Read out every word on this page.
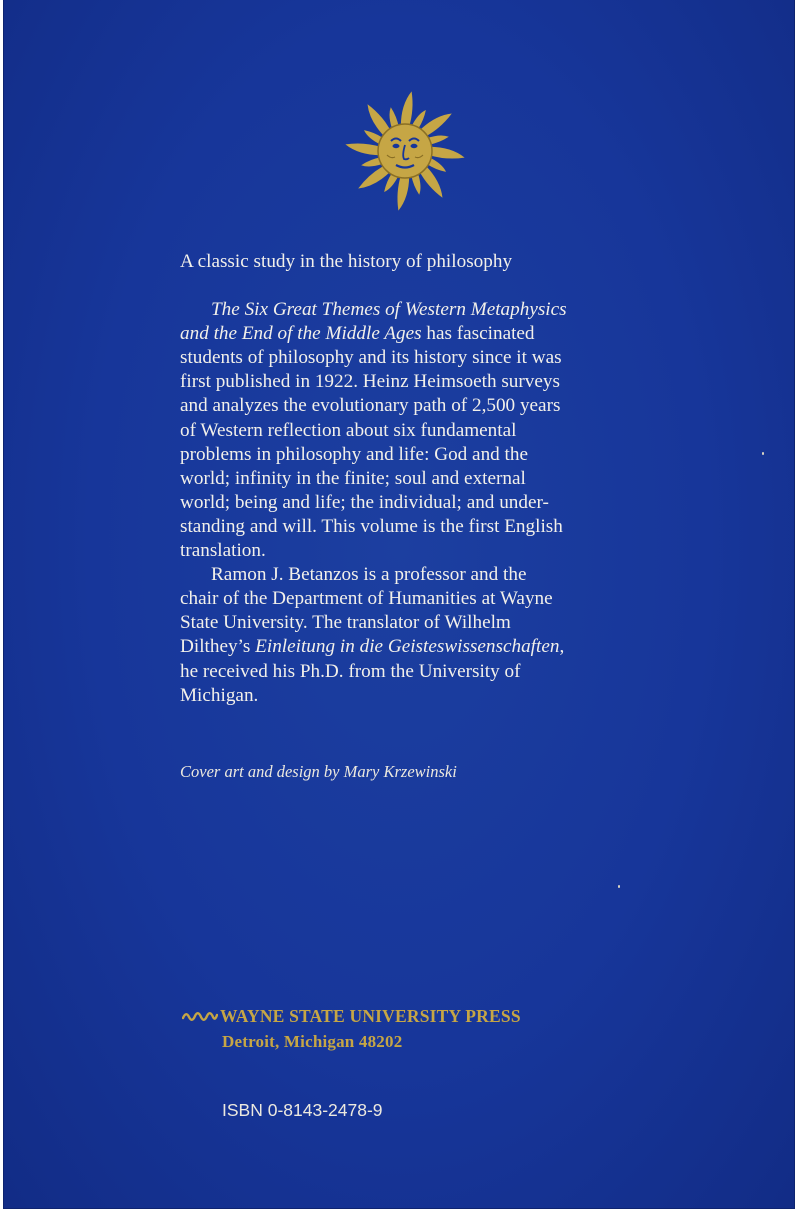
A classic study in the history of philosophy

The Six Great Themes of Western Metaphysics
and the End of the Middle Ages has fascinated
students of philosophy and its history since it was
first published in 1922. Heinz Heimsoeth surveys
and analyzes the evolutionary path of 2,500 years
of Western reflection about six fundamental
problems in philosophy and life: God and the
world; infinity in the finite; soul and external
world; being and life; the individual; and under-
standing and will. This volume is the first English
translation.

Ramon J. Betanzos is a professor and the
chair of the Department of Humanities at Wayne
State University. The translator of Wilhelm
Dilthey’s Einleitung in die Geisteswissenschaften,
he received his Ph.D. from the University of
Michigan.

Cover art and design by Mary Krzewinski
WAYNE STATE UNIVERSITY PRESS
Detroit, Michigan 48202
ISBN 0-8143-2478-9
